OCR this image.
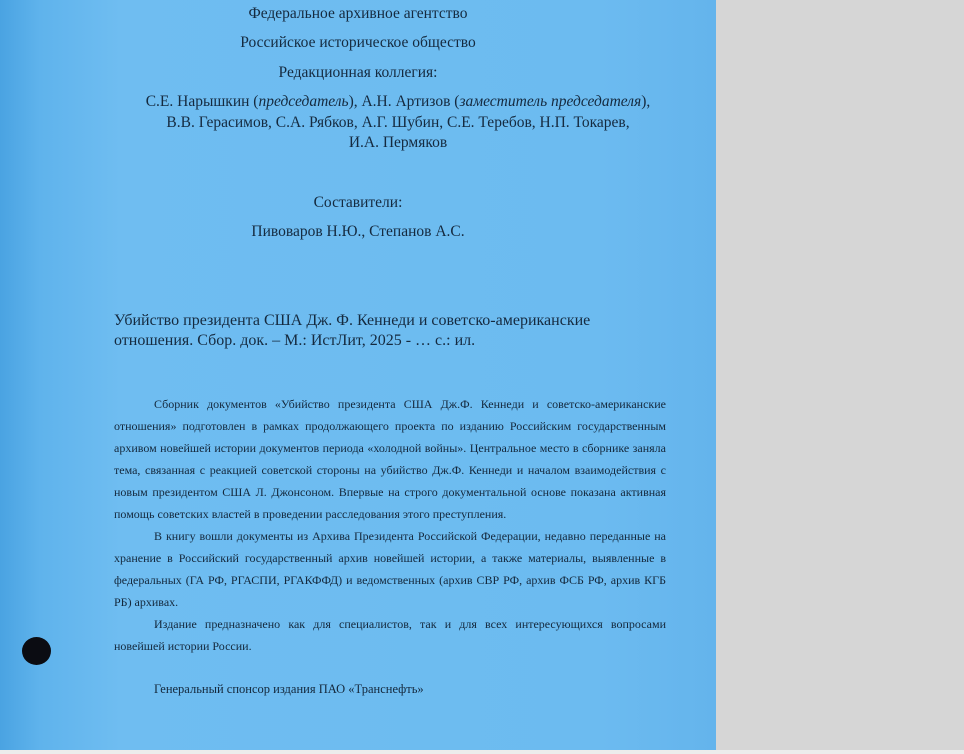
Федеральное архивное агентство
Российское историческое общество
Редакционная коллегия:
С.Е. Нарышкин (председатель), А.Н. Артизов (заместитель председателя),
В.В. Герасимов, С.А. Рябков, А.Г. Шубин, С.Е. Теребов, Н.П. Токарев,
И.А. Пермяков
Составители:
Пивоваров Н.Ю., Степанов А.С.
Убийство президента США Дж. Ф. Кеннеди и советско-американские
отношения. Сбор. док. – М.: ИстЛит, 2025 - … с.: ил.

Сборник документов «Убийство президента США Дж.Ф. Кеннеди и советско-американские отношения» подготовлен в рамках продолжающего проекта по изданию Российским государственным архивом новейшей истории документов периода «холодной войны». Центральное место в сборнике заняла тема, связанная с реакцией советской стороны на убийство Дж.Ф. Кеннеди и началом взаимодействия с новым президентом США Л. Джонсоном. Впервые на строго документальной основе показана активная помощь советских властей в проведении расследования этого преступления.

В книгу вошли документы из Архива Президента Российской Федерации, недавно переданные на хранение в Российский государственный архив новейшей истории, а также материалы, выявленные в федеральных (ГА РФ, РГАСПИ, РГАКФФД) и ведомственных (архив СВР РФ, архив ФСБ РФ, архив КГБ РБ) архивах.

Издание предназначено как для специалистов, так и для всех интересующихся вопросами новейшей истории России.

Генеральный спонсор издания ПАО «Транснефть»
